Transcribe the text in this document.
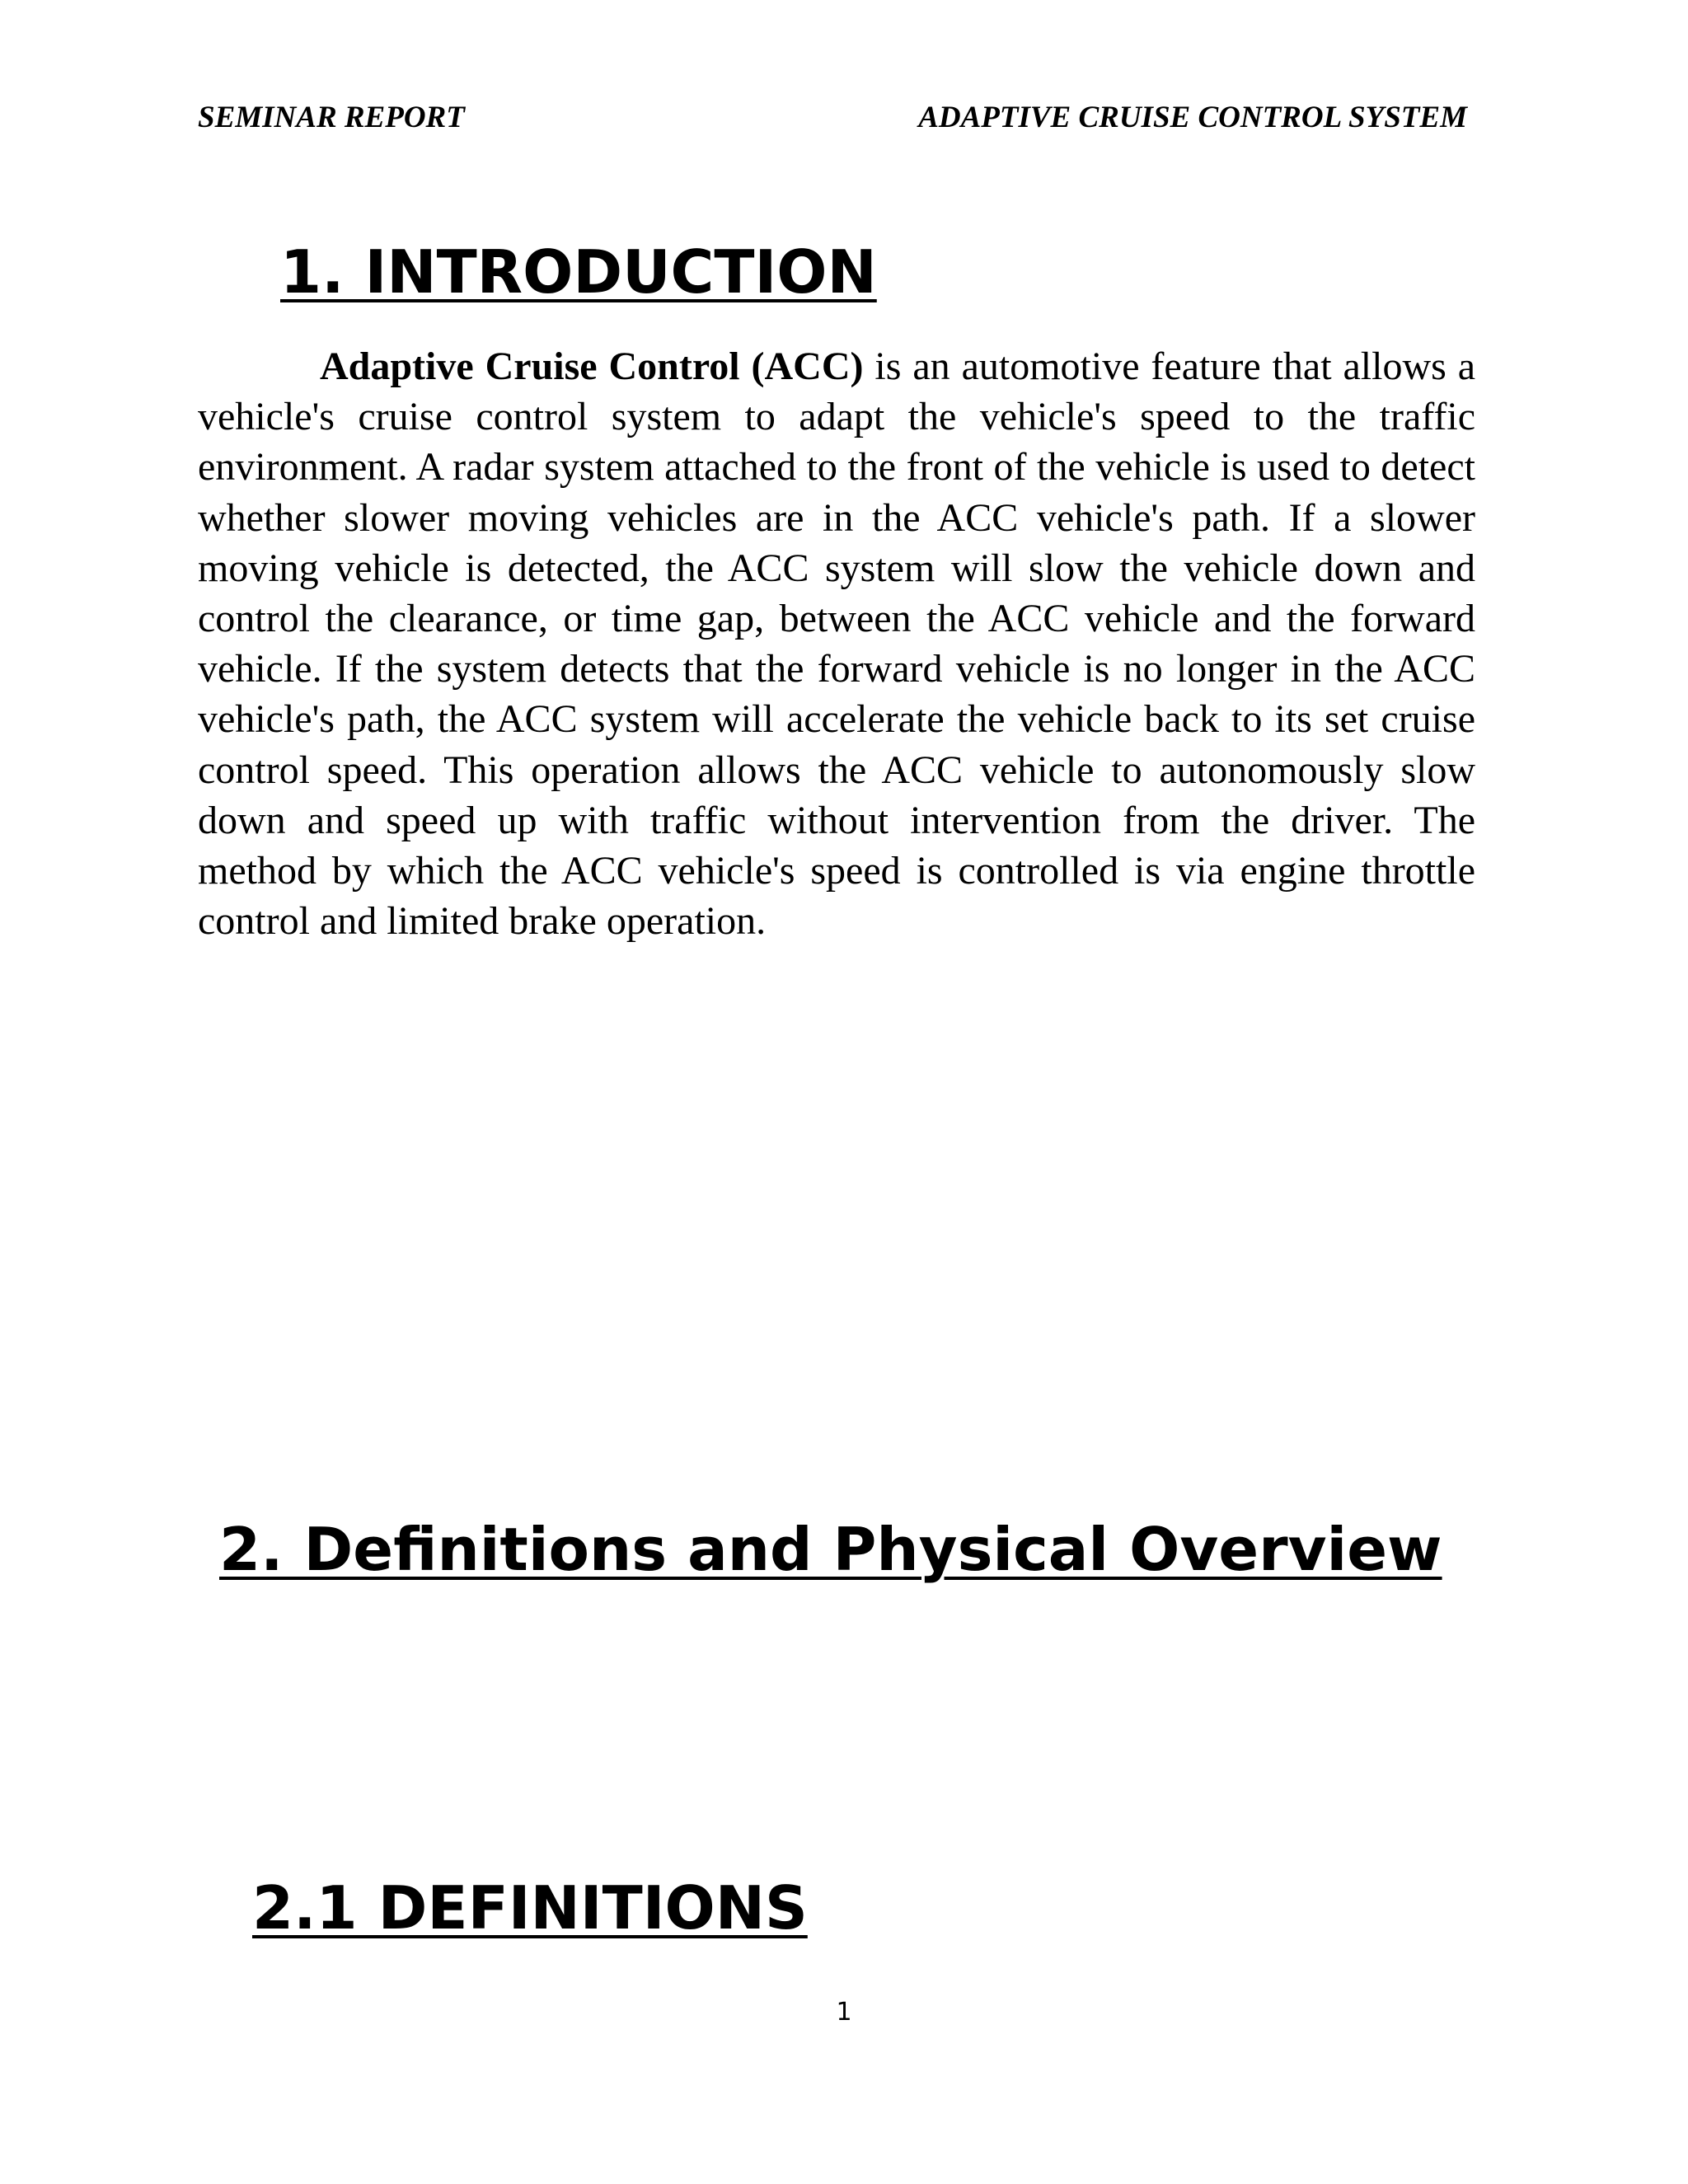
SEMINAR REPORT	ADAPTIVE CRUISE CONTROL SYSTEM
1. INTRODUCTION

Adaptive Cruise Control (ACC) is an automotive feature that allows a vehicle's cruise control system to adapt the vehicle's speed to the traffic environment. A radar system attached to the front of the vehicle is used to detect whether slower moving vehicles are in the ACC vehicle's path. If a slower moving vehicle is detected, the ACC system will slow the vehicle down and control the clearance, or time gap, between the ACC vehicle and the forward vehicle. If the system detects that the forward vehicle is no longer in the ACC vehicle's path, the ACC system will accelerate the vehicle back to its set cruise control speed. This operation allows the ACC vehicle to autonomously slow down and speed up with traffic without intervention from the driver. The method by which the ACC vehicle's speed is controlled is via engine throttle control and limited brake operation.

2. Definitions and Physical Overview
2.1 DEFINITIONS
1
